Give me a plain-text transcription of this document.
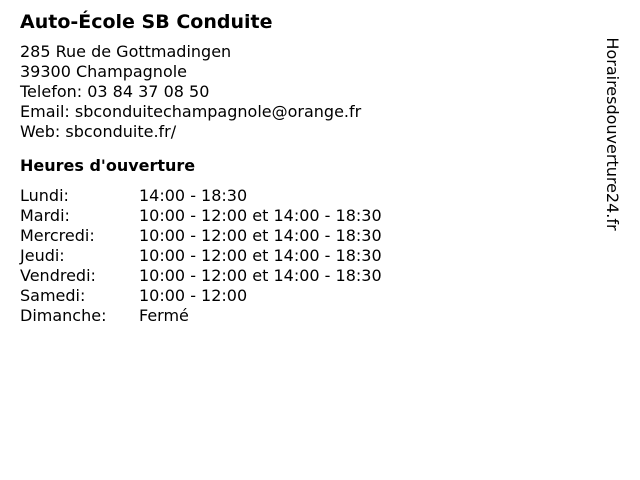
Auto-École SB Conduite
285 Rue de Gottmadingen
39300 Champagnole
Telefon: 03 84 37 08 50
Email: sbconduitechampagnole@orange.fr
Web: sbconduite.fr/
Heures d'ouverture
Lundi:	14:00 - 18:30
Mardi:	10:00 - 12:00 et 14:00 - 18:30
Mercredi:	10:00 - 12:00 et 14:00 - 18:30
Jeudi:	10:00 - 12:00 et 14:00 - 18:30
Vendredi:	10:00 - 12:00 et 14:00 - 18:30
Samedi:	10:00 - 12:00
Dimanche: Fermé
Horairesdouverture24.fr
